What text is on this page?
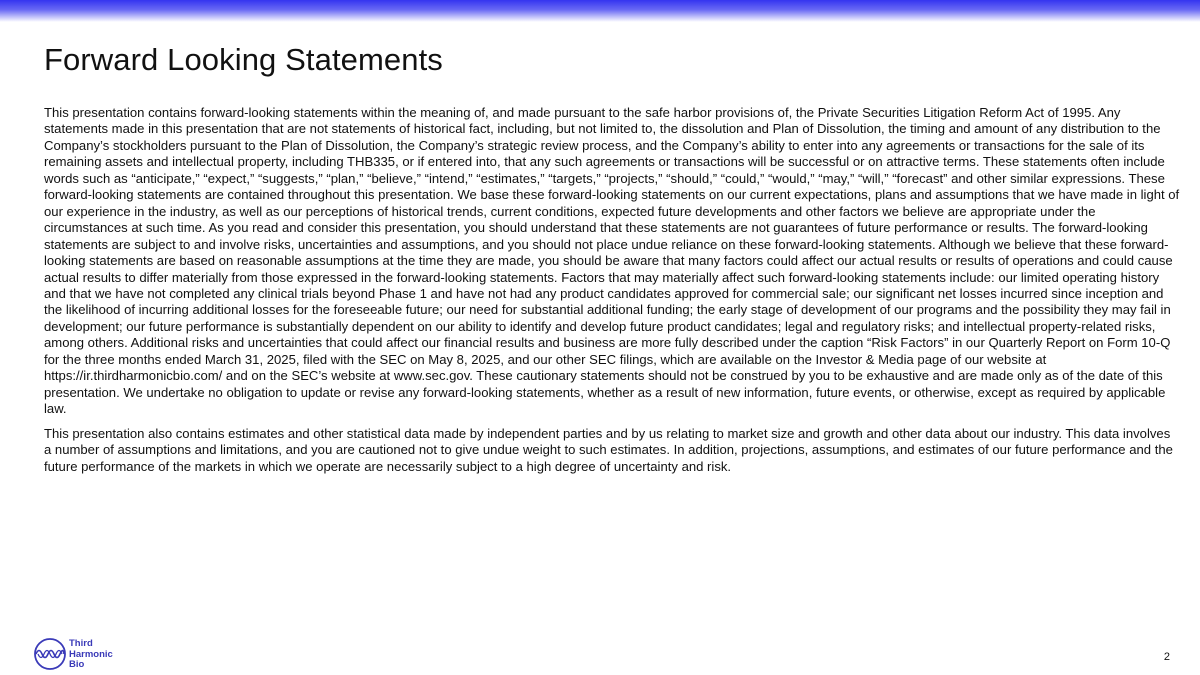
Forward Looking Statements

This presentation contains forward-looking statements within the meaning of, and made pursuant to the safe harbor provisions of, the Private Securities Litigation Reform Act of 1995. Any statements made in this presentation that are not statements of historical fact, including, but not limited to, the dissolution and Plan of Dissolution, the timing and amount of any distribution to the Company’s stockholders pursuant to the Plan of Dissolution, the Company’s strategic review process, and the Company’s ability to enter into any agreements or transactions for the sale of its remaining assets and intellectual property, including THB335, or if entered into, that any such agreements or transactions will be successful or on attractive terms. These statements often include words such as “anticipate,” “expect,” “suggests,” “plan,” “believe,” “intend,” “estimates,” “targets,” “projects,” “should,” “could,” “would,” “may,” “will,” “forecast” and other similar expressions. These forward-looking statements are contained throughout this presentation. We base these forward-looking statements on our current expectations, plans and assumptions that we have made in light of our experience in the industry, as well as our perceptions of historical trends, current conditions, expected future developments and other factors we believe are appropriate under the circumstances at such time. As you read and consider this presentation, you should understand that these statements are not guarantees of future performance or results. The forward-looking statements are subject to and involve risks, uncertainties and assumptions, and you should not place undue reliance on these forward-looking statements. Although we believe that these forward-looking statements are based on reasonable assumptions at the time they are made, you should be aware that many factors could affect our actual results or results of operations and could cause actual results to differ materially from those expressed in the forward-looking statements. Factors that may materially affect such forward-looking statements include: our limited operating history and that we have not completed any clinical trials beyond Phase 1 and have not had any product candidates approved for commercial sale; our significant net losses incurred since inception and the likelihood of incurring additional losses for the foreseeable future; our need for substantial additional funding; the early stage of development of our programs and the possibility they may fail in development; our future performance is substantially dependent on our ability to identify and develop future product candidates; legal and regulatory risks; and intellectual property-related risks, among others. Additional risks and uncertainties that could affect our financial results and business are more fully described under the caption “Risk Factors” in our Quarterly Report on Form 10-Q for the three months ended March 31, 2025, filed with the SEC on May 8, 2025, and our other SEC filings, which are available on the Investor & Media page of our website at https://ir.thirdharmonicbio.com/ and on the SEC’s website at www.sec.gov. These cautionary statements should not be construed by you to be exhaustive and are made only as of the date of this presentation. We undertake no obligation to update or revise any forward-looking statements, whether as a result of new information, future events, or otherwise, except as required by applicable law.

This presentation also contains estimates and other statistical data made by independent parties and by us relating to market size and growth and other data about our industry. This data involves a number of assumptions and limitations, and you are cautioned not to give undue weight to such estimates. In addition, projections, assumptions, and estimates of our future performance and the future performance of the markets in which we operate are necessarily subject to a high degree of uncertainty and risk.

Third
Harmonic
Bio
2
